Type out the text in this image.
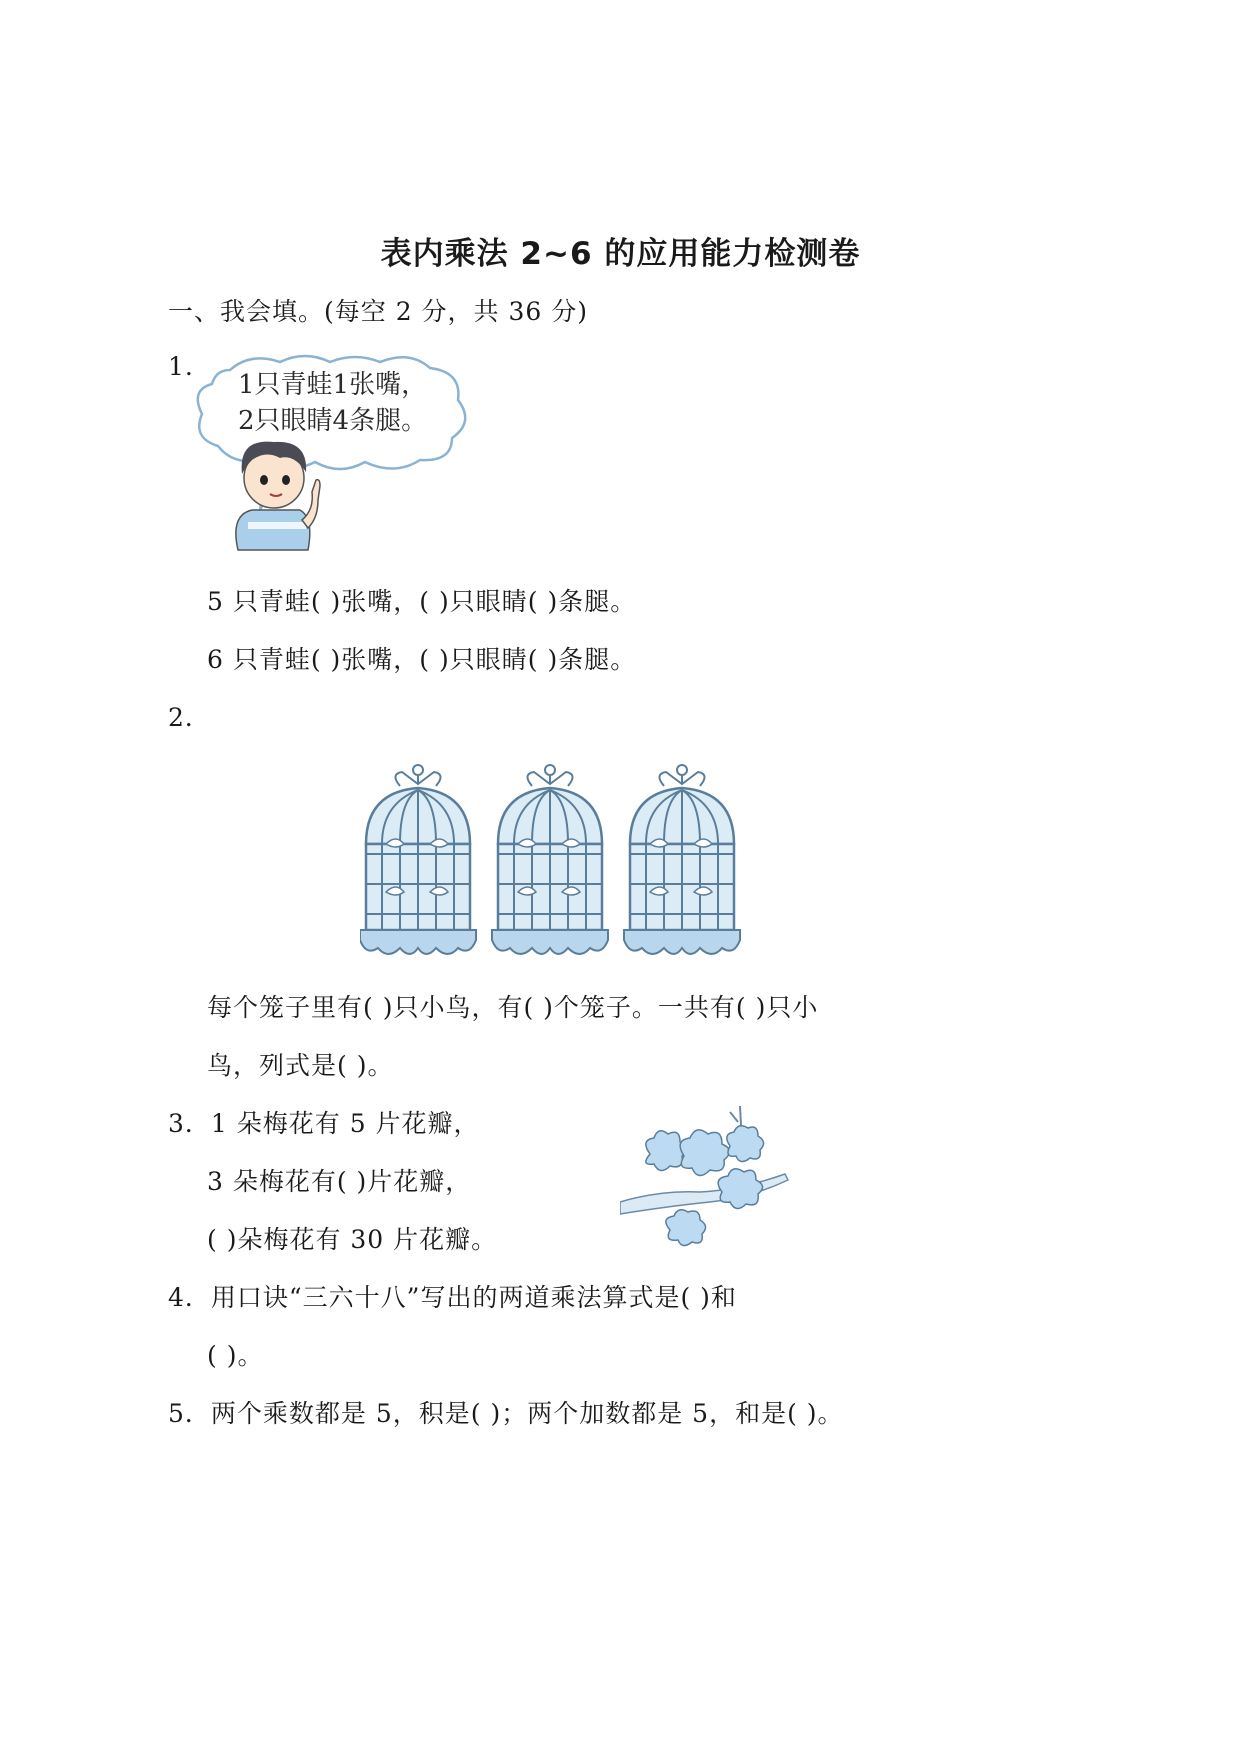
表内乘法 2~6 的应用能力检测卷
一、我会填。(每空 2 分，共 36 分)
1.
1只青蛙1张嘴，
2只眼睛4条腿。
5 只青蛙( )张嘴，( )只眼睛( )条腿。
6 只青蛙( )张嘴，( )只眼睛( )条腿。
2．
每个笼子里有( )只小鸟，有( )个笼子。一共有( )只小
鸟，列式是( )。
3．1 朵梅花有 5 片花瓣，
3 朵梅花有( )片花瓣，
( )朵梅花有 30 片花瓣。
4．用口诀“三六十八”写出的两道乘法算式是( )和
( )。
5．两个乘数都是 5，积是( )；两个加数都是 5，和是( )。
